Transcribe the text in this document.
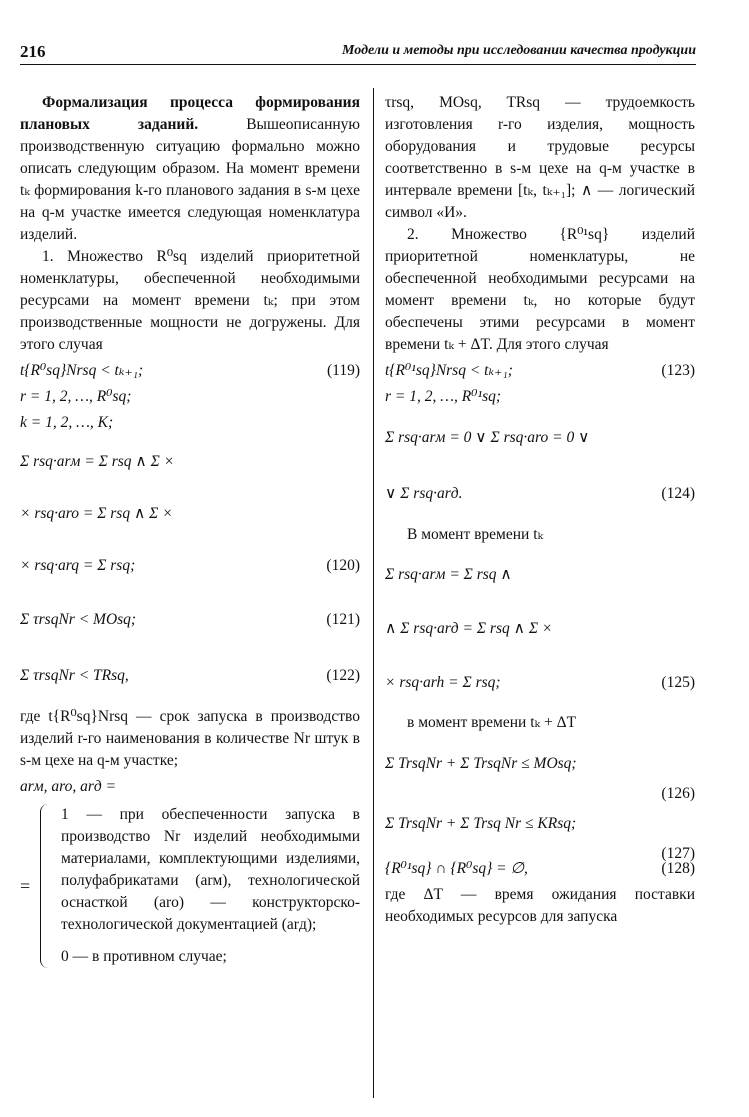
216	Модели и методы при исследовании качества продукции

Формализация процесса формирования плановых заданий.	Вышеописанную производственную ситуацию формально можно описать следующим образом. На момент времени tₖ формирования k-го планового задания в s-м цехе на q-м участке имеется следующая номенклатура изделий.

1. Множество R⁰sq изделий приоритетной номенклатуры, обеспеченной необходимыми ресурсами на момент времени tₖ; при этом производственные мощности не догружены. Для этого случая

t{R⁰sq}Nrsq < tₖ₊₁;	(119)
r = 1, 2, …, R⁰sq;
k = 1, 2, …, K;
Σ rsq·arм = Σ rsq ∧ Σ ×
× rsq·aro = Σ rsq ∧ Σ ×
× rsq·arq = Σ rsq;	(120)
Σ τrsqNr < MOsq;	(121)
Σ τrsqNr < TRsq,	(122)

где t{R⁰sq}Nrsq — срок запуска в производство изделий r-го наименования в количестве Nr штук в s-м цехе на q-м участке;

arм, aro, arд =
=

1 — при обеспеченности запуска в производство Nr изделий необходимыми материалами, комплектующими изделиями, полуфабрикатами (arм), технологической оснасткой (aro) — конструкторско-технологической документацией (arд);

0 — в противном случае;

τrsq, MOsq, TRsq — трудоемкость изготовления r-го изделия, мощность оборудования и трудовые ресурсы соответственно в s-м цехе на q-м участке в интервале времени [tₖ, tₖ₊₁]; ∧ — логический символ «И».

2. Множество {R⁰¹sq} изделий приоритетной номенклатуры, не обеспеченной необходимыми ресурсами на момент времени tₖ, но которые будут обеспечены этими ресурсами в момент времени tₖ + ΔT. Для этого случая

t{R⁰¹sq}Nrsq < tₖ₊₁;	(123)
r = 1, 2, …, R⁰¹sq;
Σ rsq·arм = 0 ∨ Σ rsq·aro = 0 ∨
∨ Σ rsq·arд.	(124)

В момент времени tₖ

Σ rsq·arм = Σ rsq ∧
∧ Σ rsq·arд = Σ rsq ∧ Σ ×
× rsq·arh = Σ rsq;	(125)

в момент времени tₖ + ΔT

Σ TrsqNr + Σ TrsqNr ≤ MOsq;
(126)
Σ TrsqNr + Σ Trsq Nr ≤ KRsq;
(127)
{R⁰¹sq} ∩ {R⁰sq} = ∅,	(128)

где ΔT — время ожидания поставки необходимых ресурсов для запуска
